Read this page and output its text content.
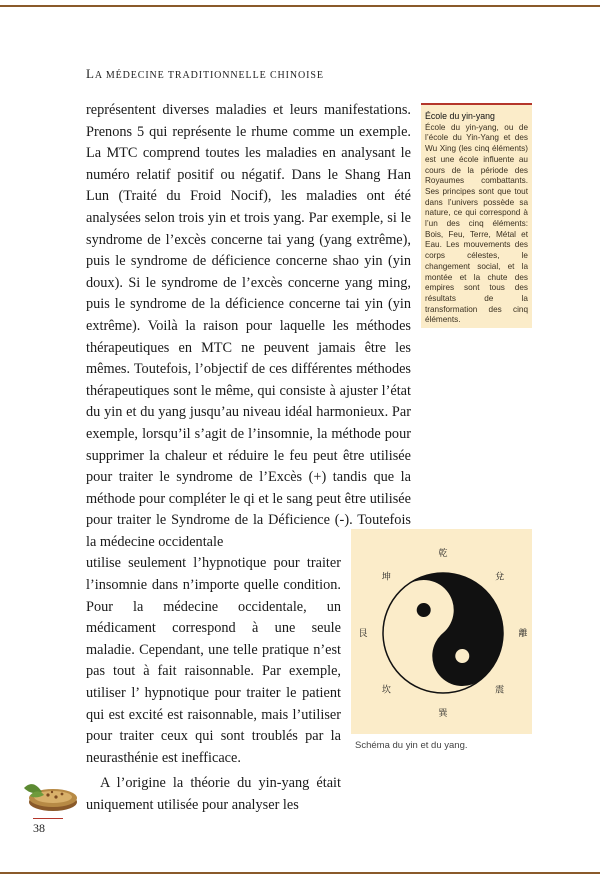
LA MÉDECINE TRADITIONNELLE CHINOISE

représentent diverses maladies et leurs manifestations. Prenons 5 qui représente le rhume comme un exemple. La MTC comprend toutes les maladies en analysant le numéro relatif positif ou négatif. Dans le Shang Han Lun (Traité du Froid Nocif), les maladies ont été analysées selon trois yin et trois yang. Par exemple, si le syndrome de l’excès concerne tai yang (yang extrême), puis le syndrome de déficience concerne shao yin (yin doux). Si le syndrome de l’excès concerne yang ming, puis le syndrome de la déficience concerne tai yin (yin extrême). Voilà la raison pour laquelle les méthodes thérapeutiques en MTC ne peuvent jamais être les mêmes. Toutefois, l’objectif de ces différentes méthodes thérapeutiques sont le même, qui consiste à ajuster l’état du yin et du yang jusqu’au niveau idéal harmonieux. Par exemple, lorsqu’il s’agit de l’insomnie, la méthode pour supprimer la chaleur et réduire le feu peut être utilisée pour traiter le syndrome de l’Excès (+) tandis que la méthode pour compléter le qi et le sang peut être utilisée pour traiter le Syndrome de la Déficience (-). Toutefois la médecine occidentale

utilise seulement l’hypnotique pour traiter l’insomnie dans n’importe quelle condition. Pour la médecine occidentale, un médicament correspond à une seule maladie. Cependant, une telle pratique n’est pas tout à fait raisonnable. Par exemple, utiliser l’ hypnotique pour traiter le patient qui est excité est raisonnable, mais l’utiliser pour traiter ceux qui sont troublés par la neurasthénie est inefficace.

A l’origine la théorie du yin-yang était uniquement utilisée pour analyser les

École du yin-yang
École du yin-yang, ou de l’école du Yin-Yang et des Wu Xing (les cinq éléments) est une école influente au cours de la période des Royaumes combattants. Ses principes sont que tout dans l’univers possède sa nature, ce qui correspond à l’un des cinq éléments: Bois, Feu, Terre, Métal et Eau. Les mouvements des corps célestes, le changement social, et la montée et la chute des empires sont tous des résultats de la transformation des cinq éléments.
乾
兌
離
震
巽
坎
艮
坤
Schéma du yin et du yang.
38
